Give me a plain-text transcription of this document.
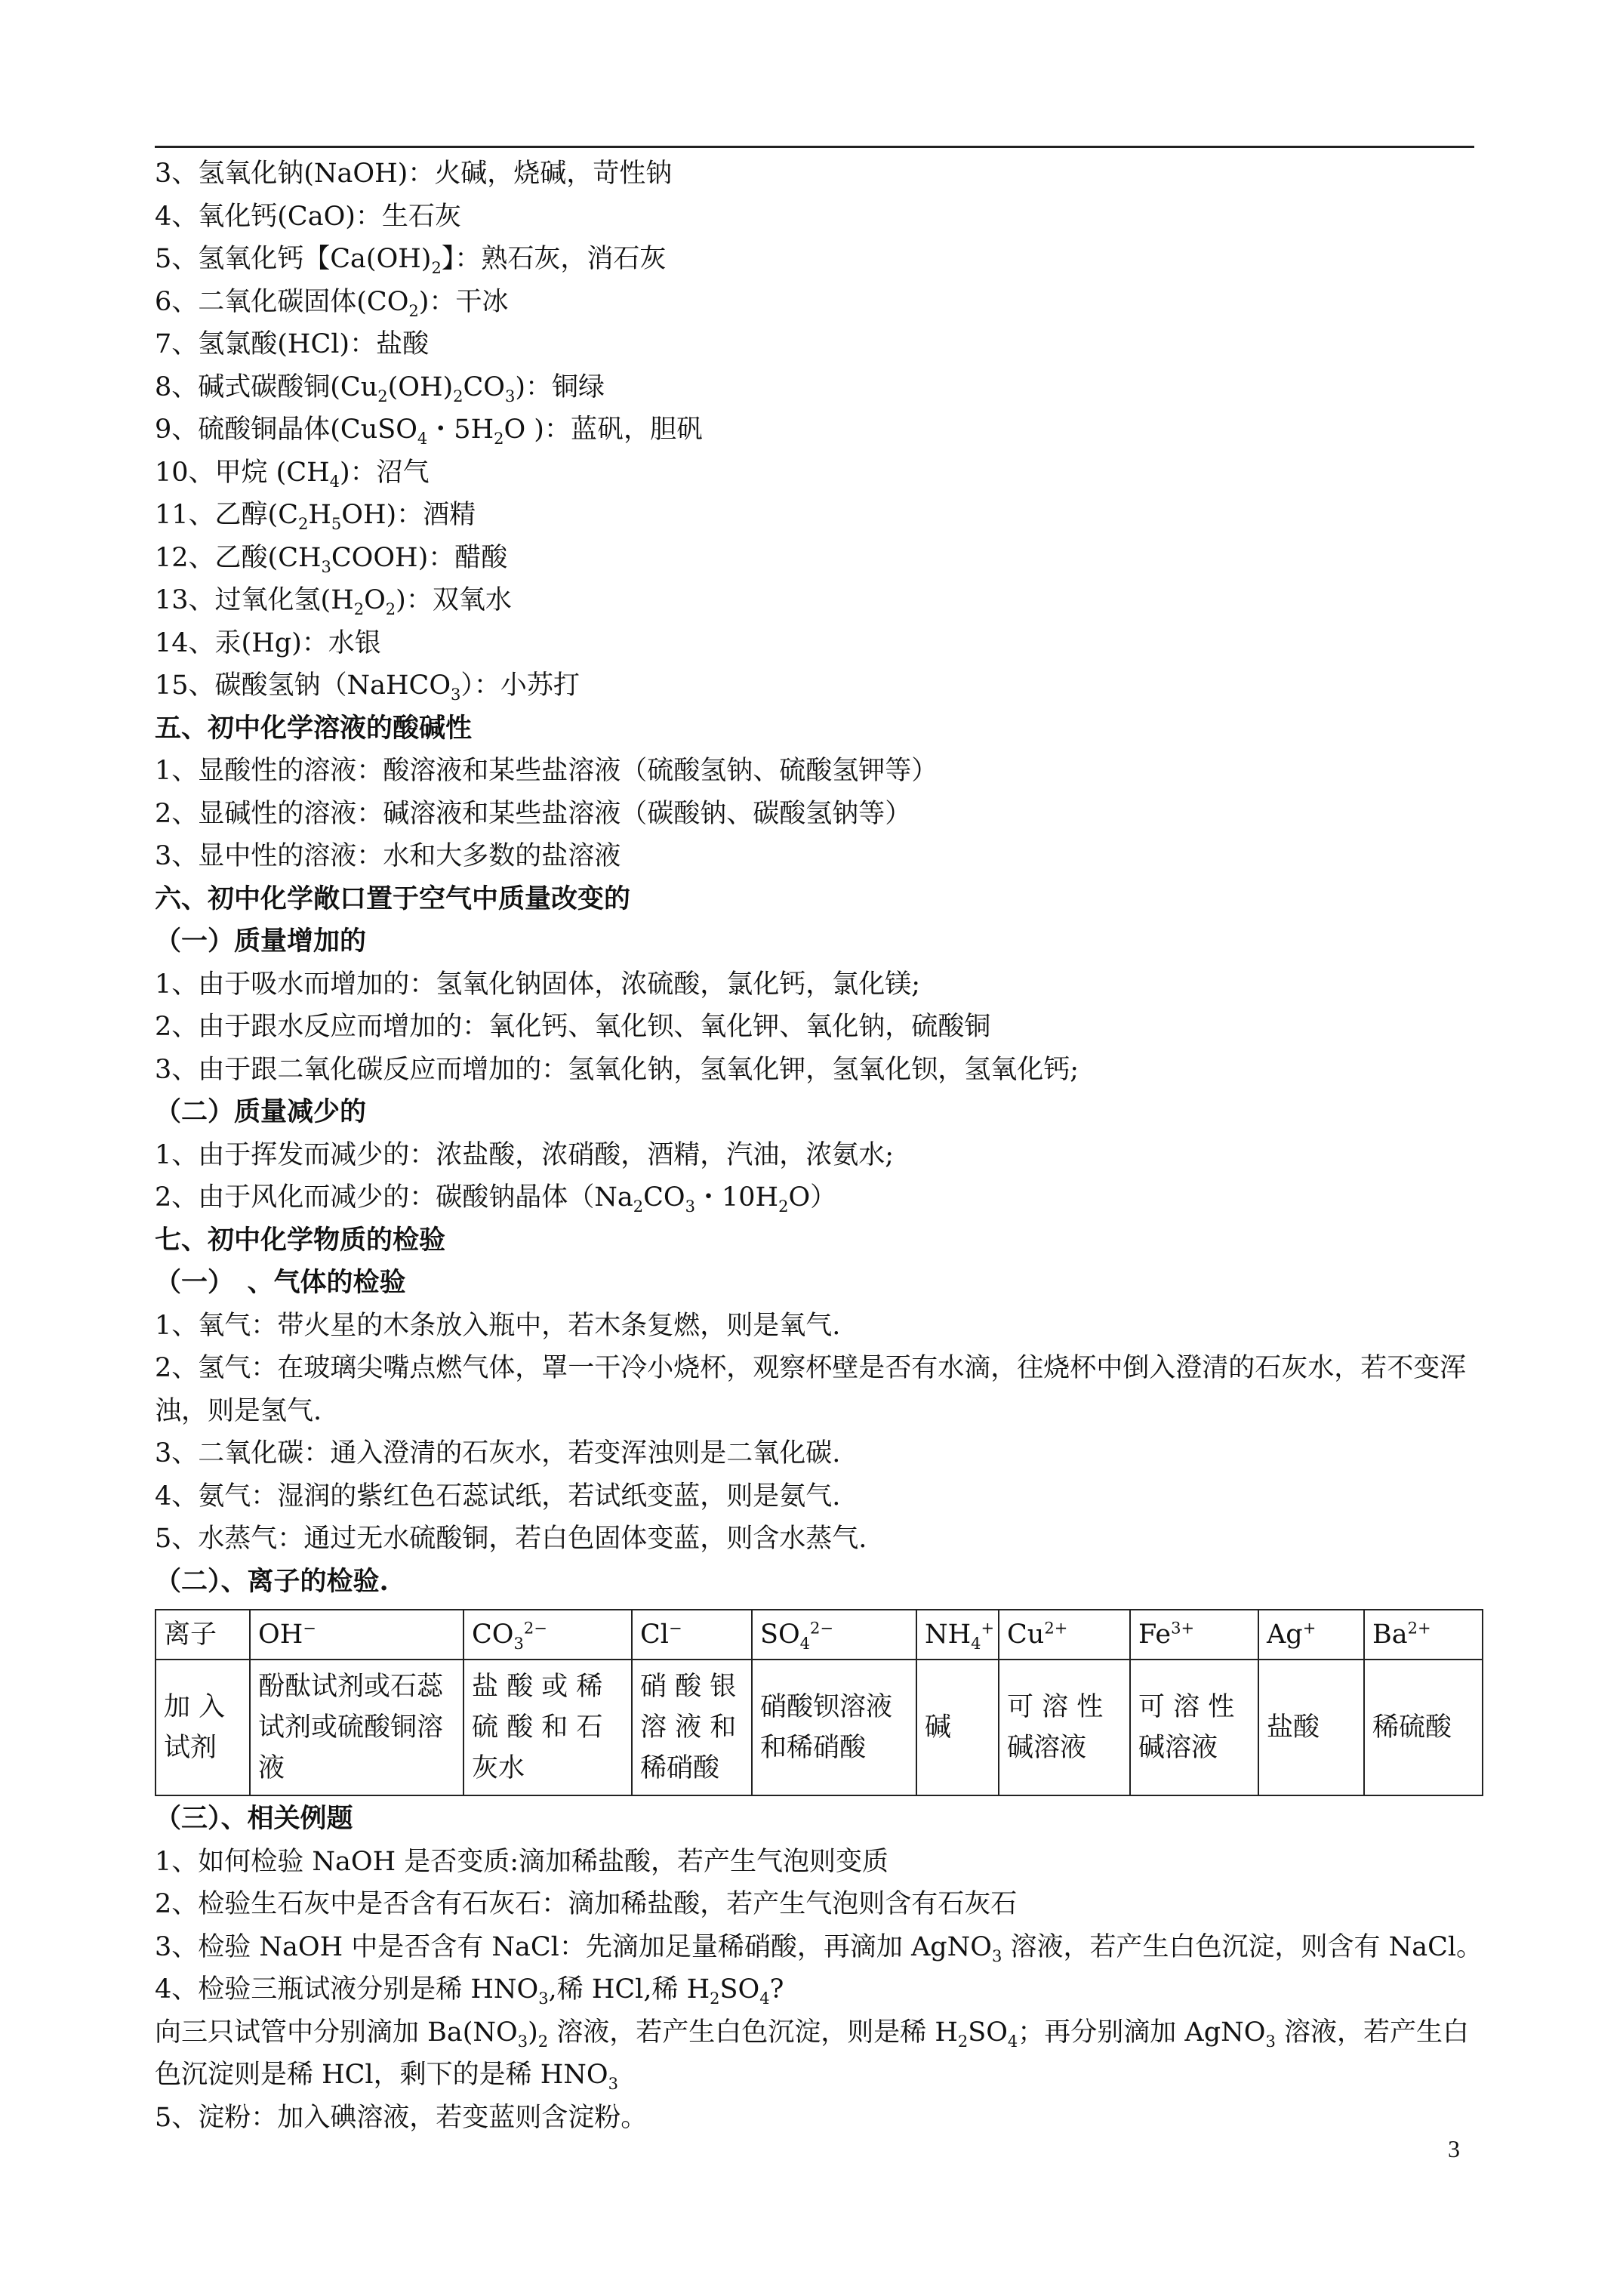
3、氢氧化钠(NaOH)：火碱，烧碱，苛性钠
4、氧化钙(CaO)：生石灰
5、氢氧化钙【$Ca(OH)_2$】：熟石灰，消石灰
6、二氧化碳固体$(CO_2)$：干冰
7、氢氯酸(HCl)：盐酸
8、碱式碳酸铜$(Cu_2(OH)_2CO_3)$：铜绿
9、硫酸铜晶体(CuSO$_4$・$5H_2O$ )：蓝矾，胆矾
10、甲烷 $(CH_4)$：沼气
11、乙醇$(C_2H_5OH)$：酒精
12、乙酸$(CH_3COOH)$：醋酸
13、过氧化氢$(H_2O_2)$：双氧水
14、汞(Hg)：水银
15、碳酸氢钠（NaHCO$_3$）：小苏打
五、初中化学溶液的酸碱性
1、显酸性的溶液：酸溶液和某些盐溶液（硫酸氢钠、硫酸氢钾等）
2、显碱性的溶液：碱溶液和某些盐溶液（碳酸钠、碳酸氢钠等）
3、显中性的溶液：水和大多数的盐溶液
六、初中化学敞口置于空气中质量改变的
（一）质量增加的
1、由于吸水而增加的：氢氧化钠固体，浓硫酸，氯化钙，氯化镁;
2、由于跟水反应而增加的：氧化钙、氧化钡、氧化钾、氧化钠，硫酸铜
3、由于跟二氧化碳反应而增加的：氢氧化钠，氢氧化钾，氢氧化钡，氢氧化钙;
（二）质量减少的
1、由于挥发而减少的：浓盐酸，浓硝酸，酒精，汽油，浓氨水;
2、由于风化而减少的：碳酸钠晶体（$Na_2CO_3$・$10H_2O$）
七、初中化学物质的检验
（一）　、气体的检验
1、氧气：带火星的木条放入瓶中，若木条复燃，则是氧气.
2、氢气：在玻璃尖嘴点燃气体，罩一干冷小烧杯，观察杯壁是否有水滴，往烧杯中倒入澄清的石灰水，若不变浑浊，则是氢气.
3、二氧化碳：通入澄清的石灰水，若变浑浊则是二氧化碳.
4、氨气：湿润的紫红色石蕊试纸，若试纸变蓝，则是氨气.
5、水蒸气：通过无水硫酸铜，若白色固体变蓝，则含水蒸气.
（二）、离子的检验.
离子	OH−	$CO_3^{2-}$	Cl−	$SO_4^{2-}$	$NH_4^+$	$Cu^{2+}$	$Fe^{3+}$	Ag+	$Ba^{2+}$
加 入 试剂	酚酞试剂或石蕊试剂或硫酸铜溶液	盐 酸 或 稀 硫 酸 和 石 灰水	硝 酸 银 溶 液 和 稀硝酸	硝酸钡溶液和稀硝酸	碱	可 溶 性 碱溶液	可 溶 性 碱溶液	盐酸	稀硫酸
（三）、相关例题
1、如何检验 NaOH 是否变质:滴加稀盐酸，若产生气泡则变质
2、检验生石灰中是否含有石灰石：滴加稀盐酸，若产生气泡则含有石灰石
3、检验 NaOH 中是否含有 NaCl：先滴加足量稀硝酸，再滴加 AgNO$_3$ 溶液，若产生白色沉淀，则含有 NaCl。
4、检验三瓶试液分别是稀 $HNO_3$,稀 HCl,稀 $H_2SO_4$?
向三只试管中分别滴加 $Ba(NO_3)_2$ 溶液，若产生白色沉淀，则是稀 $H_2SO_4$；再分别滴加 AgNO$_3$ 溶液，若产生白色沉淀则是稀 HCl，剩下的是稀 $HNO_3$
5、淀粉：加入碘溶液，若变蓝则含淀粉。
3
